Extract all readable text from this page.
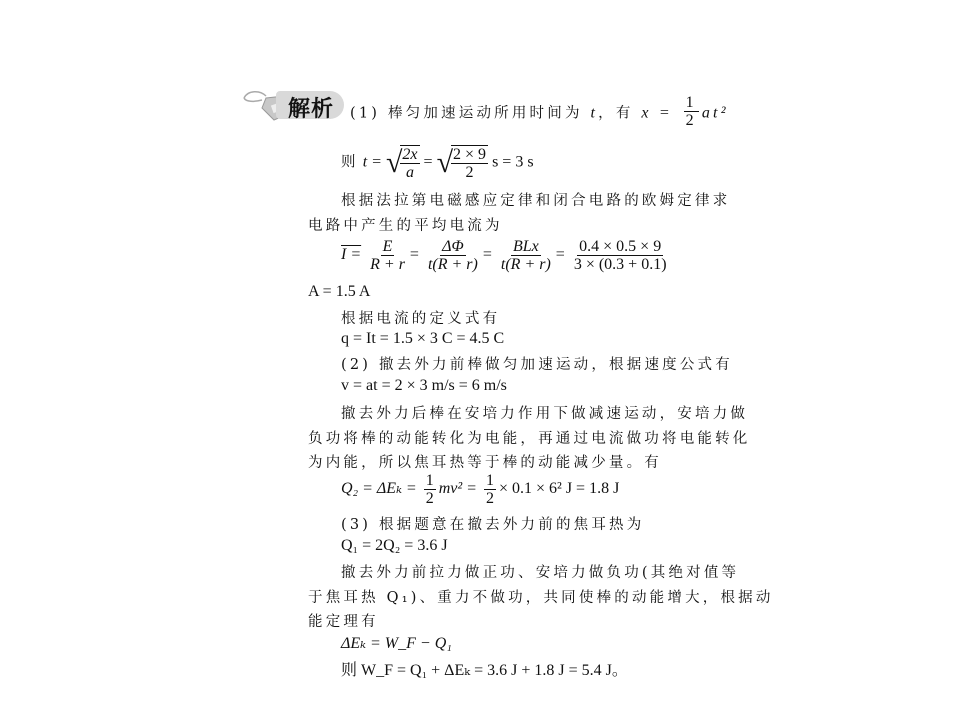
解析 (1) 棒匀加速运动所用时间为 t，有 $x = \frac{1}{2} at^2$
则 t = √
$\frac{2x}{a}$ = √
$\frac{2 \times 9}{2}$ s = 3 s
根据法拉第电磁感应定律和闭合电路的欧姆定律求
电路中产生的平均电流为
$I = \frac{E}{R + r} = \frac{\Delta\Phi}{t(R + r)} = \frac{\text{BLx}}{t(R + r)} = \frac{0.4 \times 0.5 \times 9}{3 \times (0.3 + 0.1)}$
A = 1.5 A
根据电流的定义式有
q = It = 1.5 × 3 C = 4.5 C
(2) 撤去外力前棒做匀加速运动，根据速度公式有
v = at = 2 × 3 m/s = 6 m/s
撤去外力后棒在安培力作用下做减速运动，安培力做
负功将棒的动能转化为电能，再通过电流做功将电能转化
为内能，所以焦耳热等于棒的动能减少量。有
$Q_2 = \Delta E_k = \frac{1}{2} mv^2 = \frac{1}{2} \times 0.1 \times 6^2$ J = 1.8 J
(3) 根据题意在撤去外力前的焦耳热为
Q₁ = 2Q₂ = 3.6 J
撤去外力前拉力做正功、安培力做负功(其绝对值等
于焦耳热 Q₁)、重力不做功，共同使棒的动能增大，根据动
能定理有
ΔEₖ = W_F − Q₁
则 W_F = Q₁ + ΔEₖ = 3.6 J + 1.8 J = 5.4 J。
